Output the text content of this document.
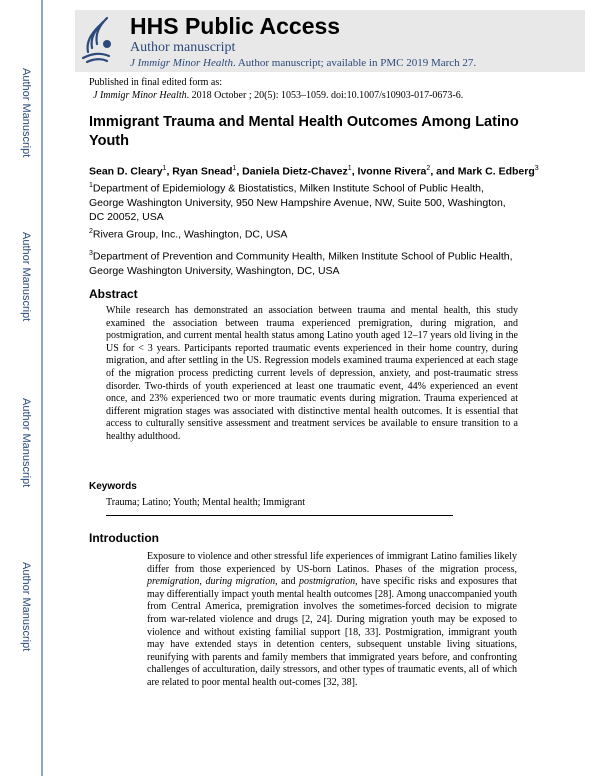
Author Manuscript
Author Manuscript
Author Manuscript
Author Manuscript
HHS Public Access
Author manuscript
J Immigr Minor Health. Author manuscript; available in PMC 2019 March 27.
Published in final edited form as:
J Immigr Minor Health. 2018 October ; 20(5): 1053–1059. doi:10.1007/s10903-017-0673-6.
Immigrant Trauma and Mental Health Outcomes Among Latino Youth
Sean D. Cleary$^1$, Ryan Snead$^1$, Daniela Dietz-Chavez$^1$, Ivonne Rivera$^2$, and Mark C. Edberg$^3$
$^1$Department of Epidemiology & Biostatistics, Milken Institute School of Public Health, George Washington University, 950 New Hampshire Avenue, NW, Suite 500, Washington, DC 20052, USA
$^2$Rivera Group, Inc., Washington, DC, USA
$^3$Department of Prevention and Community Health, Milken Institute School of Public Health, George Washington University, Washington, DC, USA
Abstract
While research has demonstrated an association between trauma and mental health, this study examined the association between trauma experienced premigration, during migration, and postmigration, and current mental health status among Latino youth aged 12–17 years old living in the US for < 3 years. Participants reported traumatic events experienced in their home country, during migration, and after settling in the US. Regression models examined trauma experienced at each stage of the migration process predicting current levels of depression, anxiety, and post-traumatic stress disorder. Two-thirds of youth experienced at least one traumatic event, 44% experienced an event once, and 23% experienced two or more traumatic events during migration. Trauma experienced at different migration stages was associated with distinctive mental health outcomes. It is essential that access to culturally sensitive assessment and treatment services be available to ensure transition to a healthy adulthood.
Keywords
Trauma; Latino; Youth; Mental health; Immigrant
Introduction
Exposure to violence and other stressful life experiences of immigrant Latino families likely differ from those experienced by US-born Latinos. Phases of the migration process, premigration, during migration, and postmigration, have specific risks and exposures that may differentially impact youth mental health outcomes [28]. Among unaccompanied youth from Central America, premigration involves the sometimes-forced decision to migrate from war-related violence and drugs [2, 24]. During migration youth may be exposed to violence and without existing familial support [18, 33]. Postmigration, immigrant youth may have extended stays in detention centers, subsequent unstable living situations, reunifying with parents and family members that immigrated years before, and confronting challenges of acculturation, daily stressors, and other types of traumatic events, all of which are related to poor mental health out-comes [32, 38].
